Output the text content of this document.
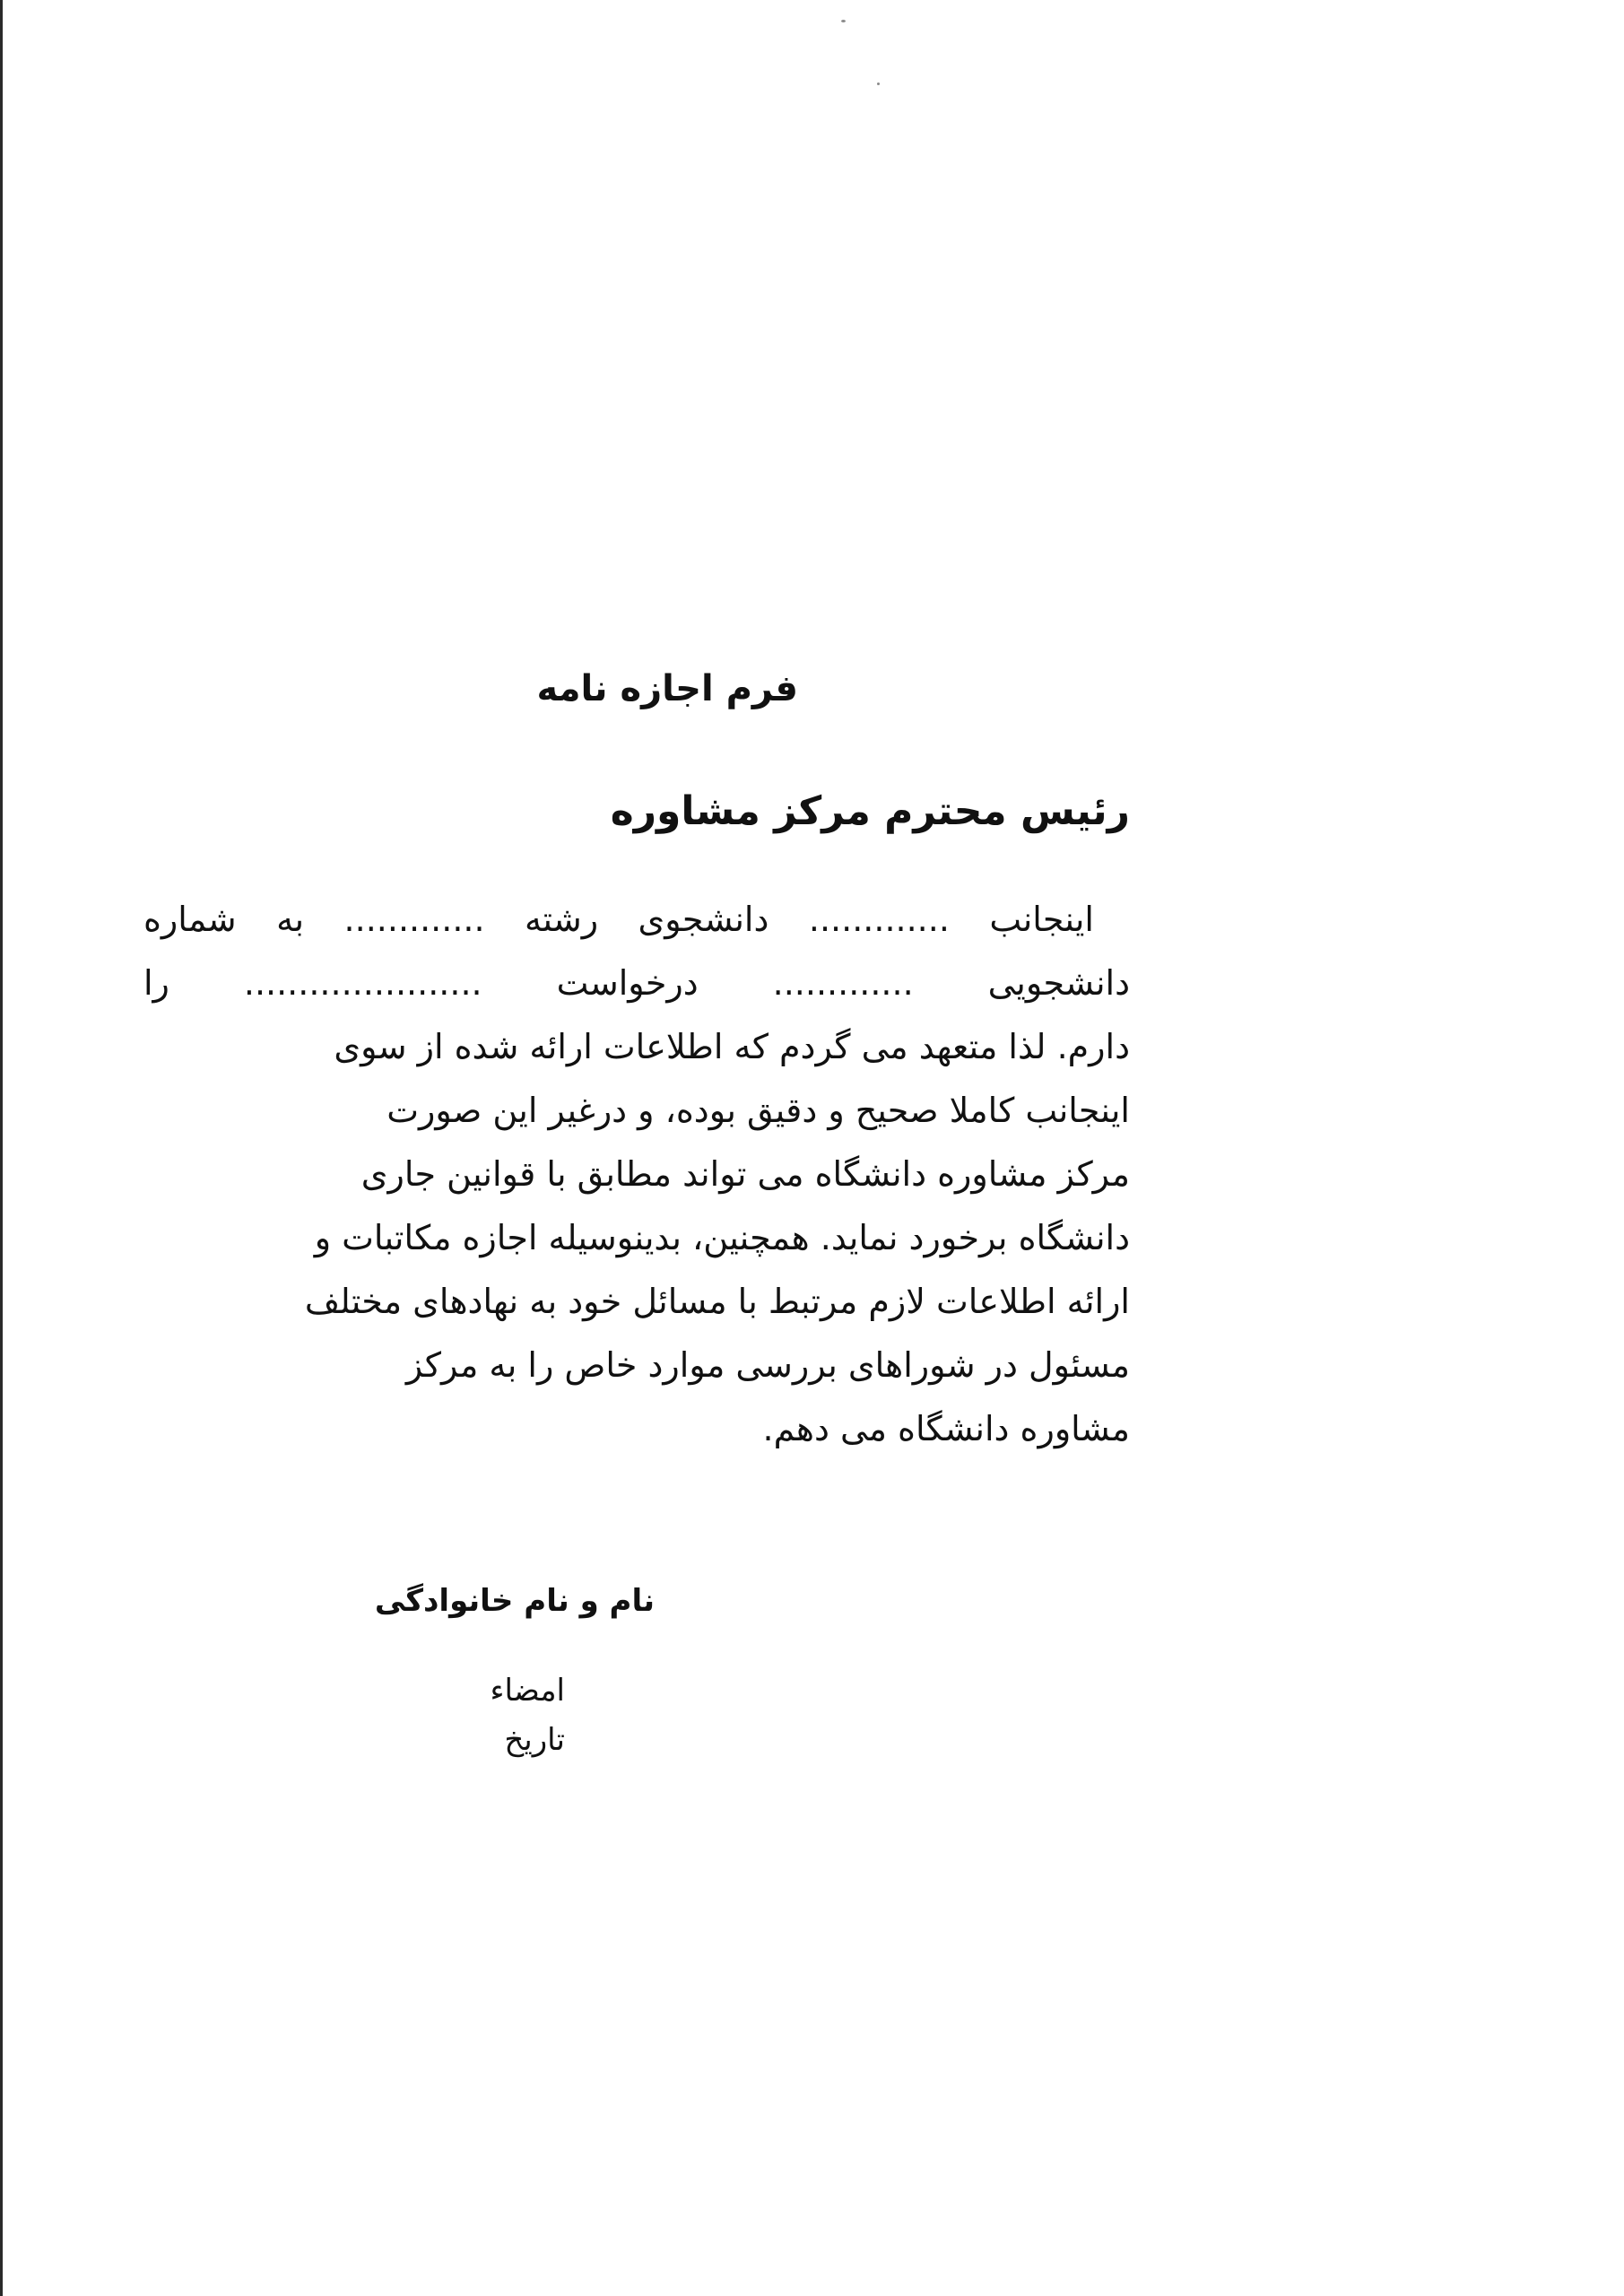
فرم اجازه نامه
رئیس محترم مرکز مشاوره
اینجانب ............. دانشجوی رشته ............. به شماره
دانشجویی ............. درخواست ...................... را
دارم. لذا متعهد می گردم که اطلاعات ارائه شده از سوی
اینجانب کاملا صحیح و دقیق بوده، و درغیر این صورت
مرکز مشاوره دانشگاه می تواند مطابق با قوانین جاری
دانشگاه برخورد نماید. همچنین، بدینوسیله اجازه مکاتبات و
ارائه اطلاعات لازم مرتبط با مسائل خود به نهادهای مختلف
مسئول در شوراهای بررسی موارد خاص را به مرکز
مشاوره دانشگاه می دهم.
نام و نام خانوادگی
امضاء
تاریخ
